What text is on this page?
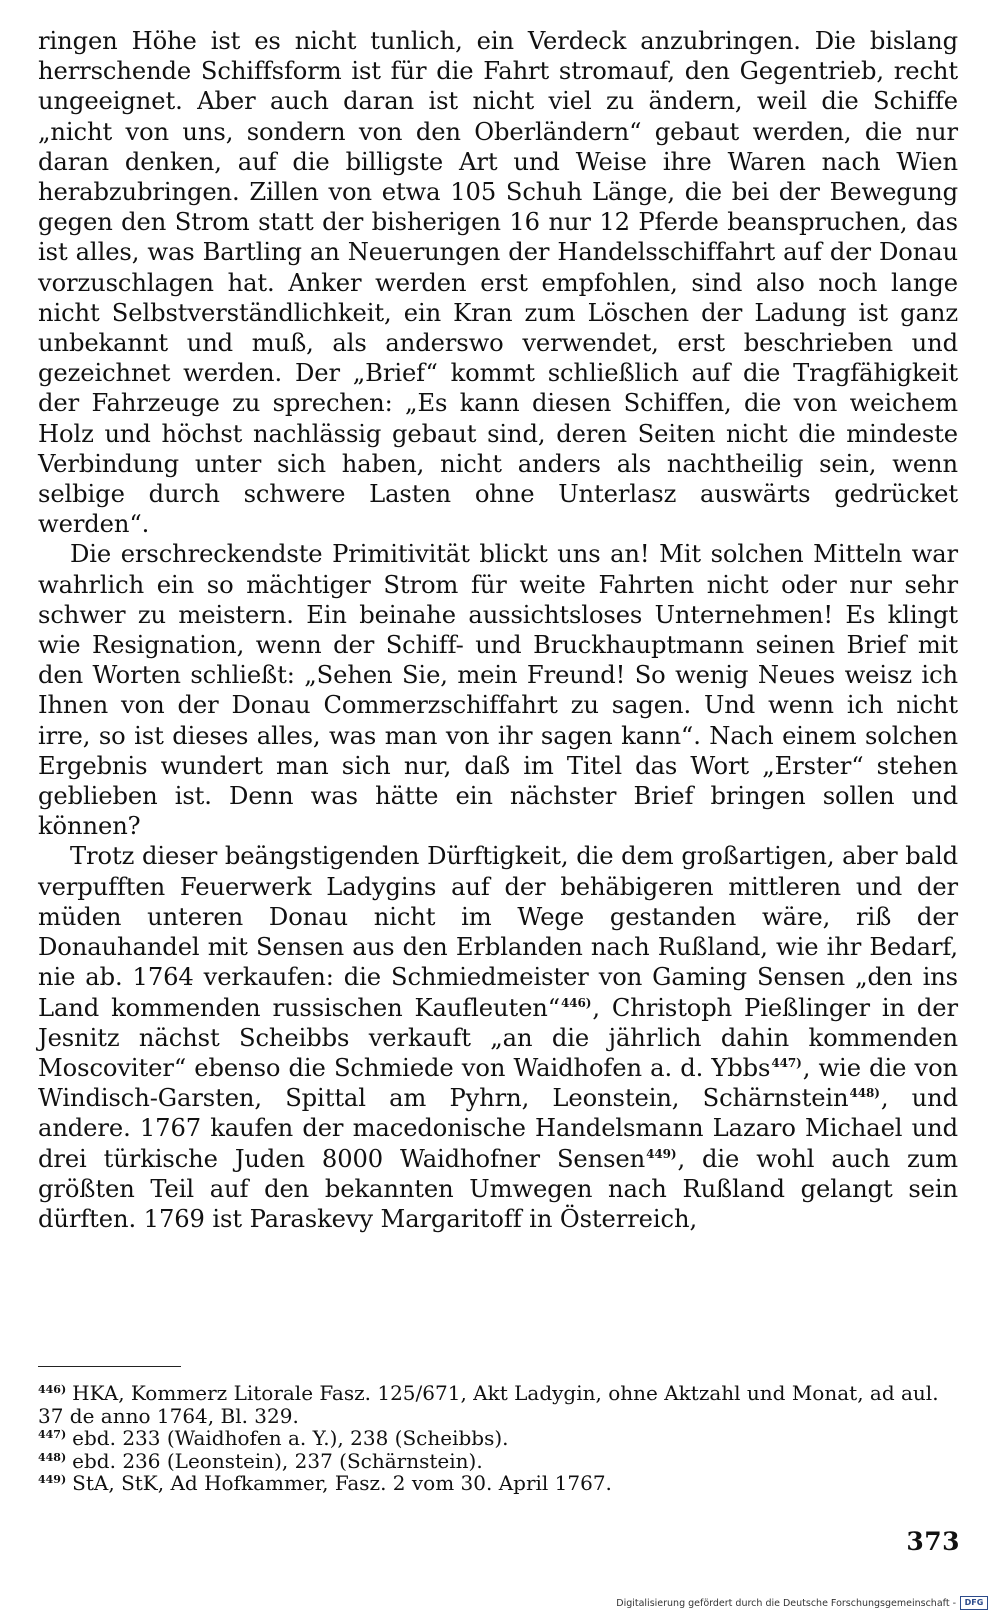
ringen Höhe ist es nicht tunlich, ein Verdeck anzubringen. Die bislang herrschende Schiffsform ist für die Fahrt stromauf, den Gegentrieb, recht ungeeignet. Aber auch daran ist nicht viel zu ändern, weil die Schiffe „nicht von uns, sondern von den Oberländern“ gebaut werden, die nur daran denken, auf die billigste Art und Weise ihre Waren nach Wien herabzubringen. Zillen von etwa 105 Schuh Länge, die bei der Bewegung gegen den Strom statt der bisherigen 16 nur 12 Pferde beanspruchen, das ist alles, was Bartling an Neuerungen der Handelsschiffahrt auf der Donau vorzuschlagen hat. Anker werden erst empfohlen, sind also noch lange nicht Selbstverständlichkeit, ein Kran zum Löschen der Ladung ist ganz unbekannt und muß, als anderswo verwendet, erst beschrieben und gezeichnet werden. Der „Brief“ kommt schließlich auf die Tragfähigkeit der Fahrzeuge zu sprechen: „Es kann diesen Schiffen, die von weichem Holz und höchst nachlässig gebaut sind, deren Seiten nicht die mindeste Verbindung unter sich haben, nicht anders als nachtheilig sein, wenn selbige durch schwere Lasten ohne Unterlasz auswärts gedrücket werden“.

Die erschreckendste Primitivität blickt uns an! Mit solchen Mitteln war wahrlich ein so mächtiger Strom für weite Fahrten nicht oder nur sehr schwer zu meistern. Ein beinahe aussichtsloses Unternehmen! Es klingt wie Resignation, wenn der Schiff- und Bruckhauptmann seinen Brief mit den Worten schließt: „Sehen Sie, mein Freund! So wenig Neues weisz ich Ihnen von der Donau Commerzschiffahrt zu sagen. Und wenn ich nicht irre, so ist dieses alles, was man von ihr sagen kann“. Nach einem solchen Ergebnis wundert man sich nur, daß im Titel das Wort „Erster“ stehen geblieben ist. Denn was hätte ein nächster Brief bringen sollen und können?

Trotz dieser beängstigenden Dürftigkeit, die dem großartigen, aber bald verpufften Feuerwerk Ladygins auf der behäbigeren mittleren und der müden unteren Donau nicht im Wege gestanden wäre, riß der Donauhandel mit Sensen aus den Erblanden nach Rußland, wie ihr Bedarf, nie ab. 1764 verkaufen: die Schmiedmeister von Gaming Sensen „den ins Land kommenden russischen Kaufleuten“$^{446)}$, Christoph Pießlinger in der Jesnitz nächst Scheibbs verkauft „an die jährlich dahin kommenden Moscoviter“ ebenso die Schmiede von Waidhofen a. d. Ybbs$^{447)}$, wie die von Windisch-Garsten, Spittal am Pyhrn, Leonstein, Schärnstein$^{448)}$, und andere. 1767 kaufen der macedonische Handelsmann Lazaro Michael und drei türkische Juden 8000 Waidhofner Sensen$^{449)}$, die wohl auch zum größten Teil auf den bekannten Umwegen nach Rußland gelangt sein dürften. 1769 ist Paraskevy Margaritoff in Österreich,

$^{446)}$ HKA, Kommerz Litorale Fasz. 125/671, Akt Ladygin, ohne Aktzahl und Monat, ad aul. 37 de anno 1764, Bl. 329.

$^{447)}$ ebd. 233 (Waidhofen a. Y.), 238 (Scheibbs).

$^{448)}$ ebd. 236 (Leonstein), 237 (Schärnstein).

$^{449)}$ StA, StK, Ad Hofkammer, Fasz. 2 vom 30. April 1767.

373
Digitalisierung gefördert durch die Deutsche Forschungsgemeinschaft -	DFG
